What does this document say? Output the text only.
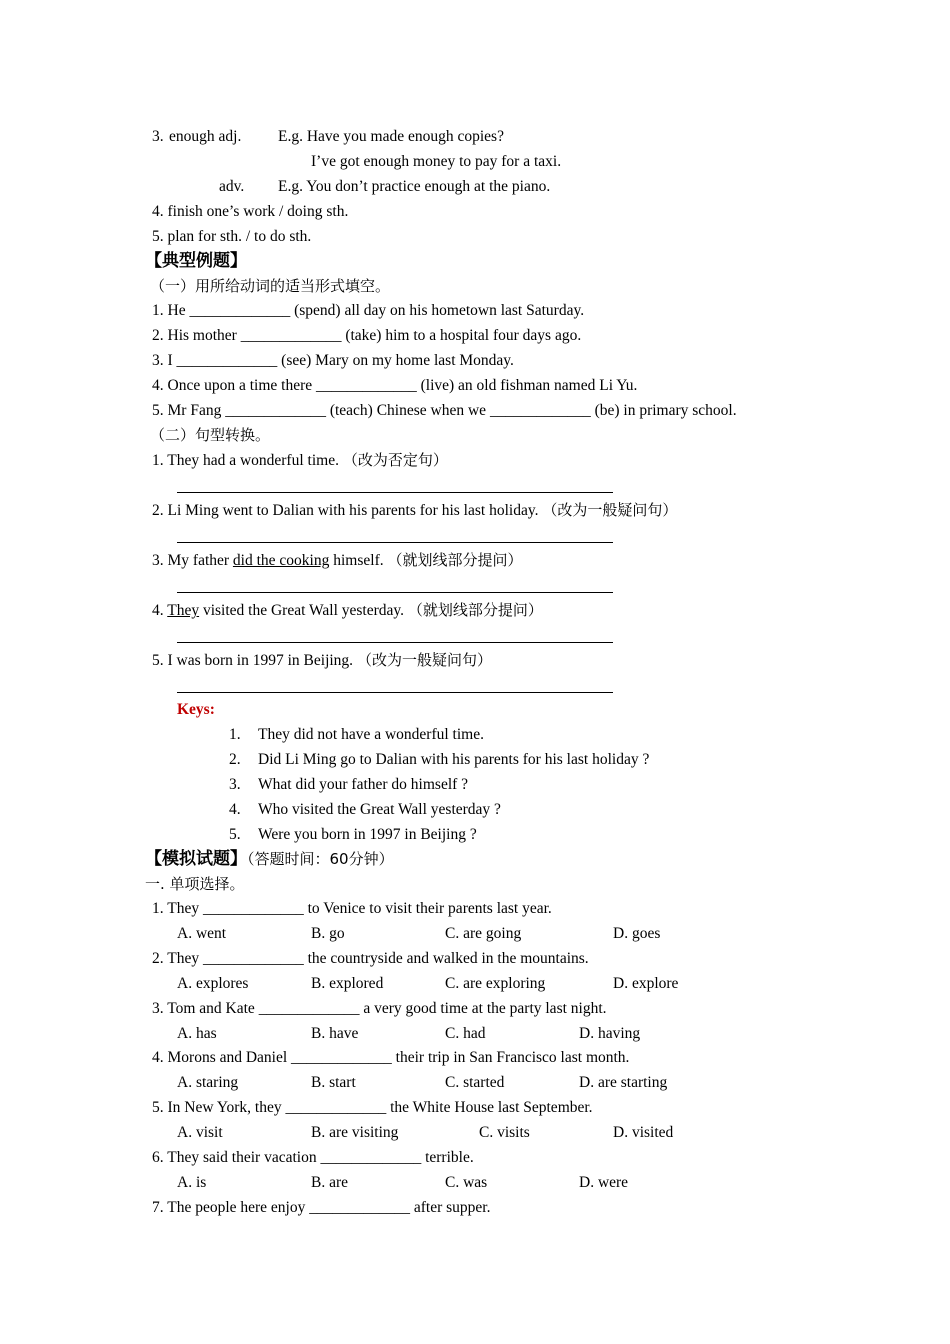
3. enough adj. E.g. Have you made enough copies?
I’ve got enough money to pay for a taxi.
adv. E.g. You don’t practice enough at the piano.
4. finish one’s work / doing sth.
5. plan for sth. / to do sth.
【典型例题】
（一）用所给动词的适当形式填空。
1. He _____________ (spend) all day on his hometown last Saturday.
2. His mother _____________ (take) him to a hospital four days ago.
3. I _____________ (see) Mary on my home last Monday.
4. Once upon a time there _____________ (live) an old fishman named Li Yu.
5. Mr Fang _____________ (teach) Chinese when we _____________ (be) in primary school.
（二）句型转换。
1. They had a wonderful time. （改为否定句）
2. Li Ming went to Dalian with his parents for his last holiday. （改为一般疑问句）
3. My father did the cooking himself. （就划线部分提问）
4. They visited the Great Wall yesterday. （就划线部分提问）
5. I was born in 1997 in Beijing. （改为一般疑问句）
Keys:
1. They did not have a wonderful time.
2. Did Li Ming go to Dalian with his parents for his last holiday ?
3. What did your father do himself ?
4. Who visited the Great Wall yesterday ?
5. Were you born in 1997 in Beijing ?
【模拟试题】（答题时间：60分钟）
一. 单项选择。
1. They _____________ to Venice to visit their parents last year.
A. went	B. go	C. are going	D. goes
2. They _____________ the countryside and walked in the mountains.
A. explores	B. explored	C. are exploring	D. explore
3. Tom and Kate _____________ a very good time at the party last night.
A. has	B. have	C. had	D. having
4. Morons and Daniel _____________ their trip in San Francisco last month.
A. staring	B. start	C. started	D. are starting
5. In New York, they _____________ the White House last September.
A. visit	B. are visiting	C. visits	D. visited
6. They said their vacation _____________ terrible.
A. is	B. are	C. was	D. were
7. The people here enjoy _____________ after supper.
